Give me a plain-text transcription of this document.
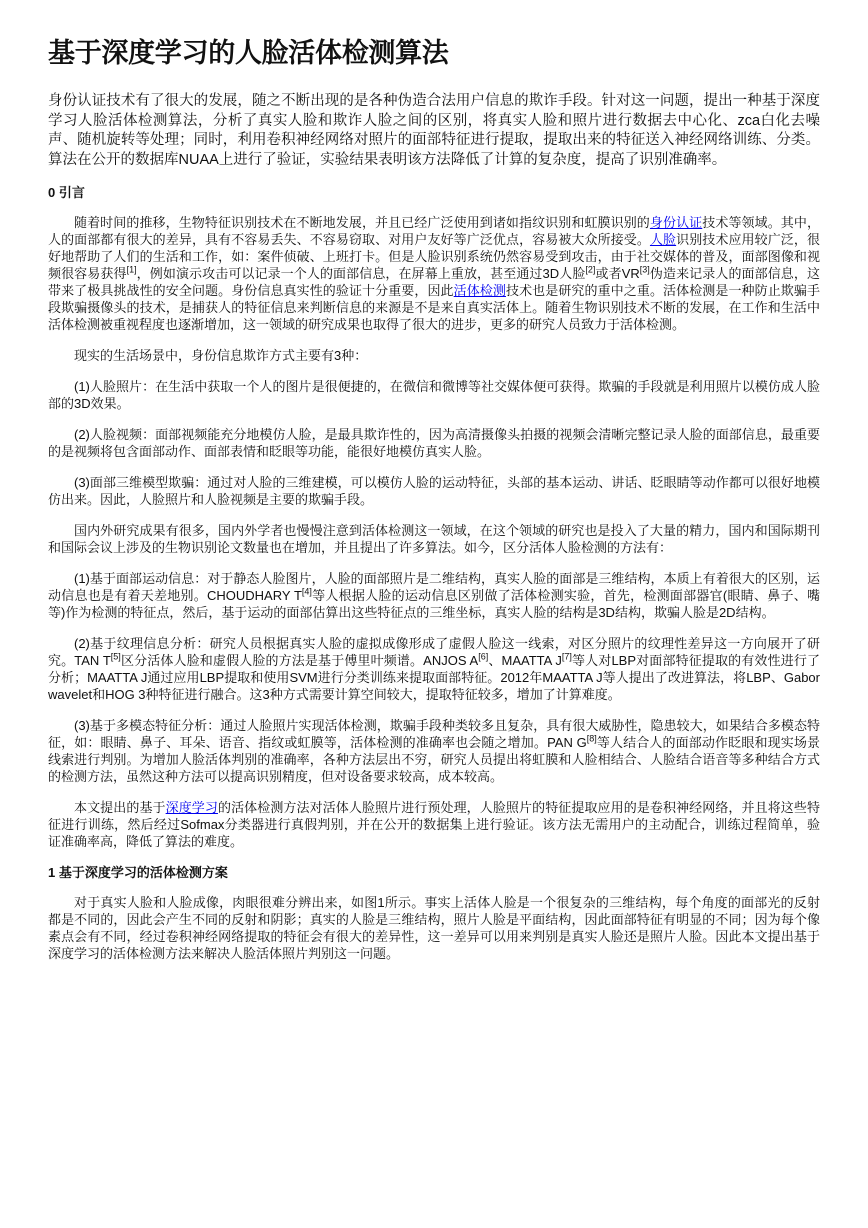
基于深度学习的人脸活体检测算法

身份认证技术有了很大的发展，随之不断出现的是各种伪造合法用户信息的欺诈手段。针对这一问题，提出一种基于深度学习人脸活体检测算法，分析了真实人脸和欺诈人脸之间的区别，将真实人脸和照片进行数据去中心化、zca白化去噪声、随机旋转等处理；同时，利用卷积神经网络对照片的面部特征进行提取，提取出来的特征送入神经网络训练、分类。算法在公开的数据库NUAA上进行了验证，实验结果表明该方法降低了计算的复杂度，提高了识别准确率。

0 引言

随着时间的推移，生物特征识别技术在不断地发展，并且已经广泛使用到诸如指纹识别和虹膜识别的身份认证技术等领域。其中，人的面部都有很大的差异，具有不容易丢失、不容易窃取、对用户友好等广泛优点，容易被大众所接受。人脸识别技术应用较广泛，很好地帮助了人们的生活和工作，如：案件侦破、上班打卡。但是人脸识别系统仍然容易受到攻击，由于社交媒体的普及，面部图像和视频很容易获得[1]，例如演示攻击可以记录一个人的面部信息，在屏幕上重放，甚至通过3D人脸[2]或者VR[3]伪造来记录人的面部信息，这带来了极具挑战性的安全问题。身份信息真实性的验证十分重要，因此活体检测技术也是研究的重中之重。活体检测是一种防止欺骗手段欺骗摄像头的技术，是捕获人的特征信息来判断信息的来源是不是来自真实活体上。随着生物识别技术不断的发展，在工作和生活中活体检测被重视程度也逐渐增加，这一领域的研究成果也取得了很大的进步，更多的研究人员致力于活体检测。

现实的生活场景中，身份信息欺诈方式主要有3种：

(1)人脸照片：在生活中获取一个人的图片是很便捷的，在微信和微博等社交媒体便可获得。欺骗的手段就是利用照片以模仿成人脸部的3D效果。

(2)人脸视频：面部视频能充分地模仿人脸，是最具欺诈性的，因为高清摄像头拍摄的视频会清晰完整记录人脸的面部信息，最重要的是视频将包含面部动作、面部表情和眨眼等功能，能很好地模仿真实人脸。

(3)面部三维模型欺骗：通过对人脸的三维建模，可以模仿人脸的运动特征，头部的基本运动、讲话、眨眼睛等动作都可以很好地模仿出来。因此，人脸照片和人脸视频是主要的欺骗手段。

国内外研究成果有很多，国内外学者也慢慢注意到活体检测这一领域，在这个领域的研究也是投入了大量的精力，国内和国际期刊和国际会议上涉及的生物识别论文数量也在增加，并且提出了许多算法。如今，区分活体人脸检测的方法有：

(1)基于面部运动信息：对于静态人脸图片，人脸的面部照片是二维结构，真实人脸的面部是三维结构，本质上有着很大的区别，运动信息也是有着天差地别。CHOUDHARY T[4]等人根据人脸的运动信息区别做了活体检测实验，首先，检测面部器官(眼睛、鼻子、嘴等)作为检测的特征点，然后，基于运动的面部估算出这些特征点的三维坐标，真实人脸的结构是3D结构，欺骗人脸是2D结构。

(2)基于纹理信息分析：研究人员根据真实人脸的虚拟成像形成了虚假人脸这一线索，对区分照片的纹理性差异这一方向展开了研究。TAN T[5]区分活体人脸和虚假人脸的方法是基于傅里叶频谱。ANJOS A[6]、MAATTA J[7]等人对LBP对面部特征提取的有效性进行了分析；MAATTA J通过应用LBP提取和使用SVM进行分类训练来提取面部特征。2012年MAATTA J等人提出了改进算法，将LBP、Gabor wavelet和HOG 3种特征进行融合。这3种方式需要计算空间较大，提取特征较多，增加了计算难度。

(3)基于多模态特征分析：通过人脸照片实现活体检测，欺骗手段种类较多且复杂，具有很大威胁性，隐患较大，如果结合多模态特征，如：眼睛、鼻子、耳朵、语音、指纹或虹膜等，活体检测的准确率也会随之增加。PAN G[8]等人结合人的面部动作眨眼和现实场景线索进行判别。为增加人脸活体判别的准确率，各种方法层出不穷，研究人员提出将虹膜和人脸相结合、人脸结合语音等多种结合方式的检测方法，虽然这种方法可以提高识别精度，但对设备要求较高，成本较高。

本文提出的基于深度学习的活体检测方法对活体人脸照片进行预处理，人脸照片的特征提取应用的是卷积神经网络，并且将这些特征进行训练，然后经过Sofmax分类器进行真假判别，并在公开的数据集上进行验证。该方法无需用户的主动配合，训练过程简单，验证准确率高，降低了算法的难度。

1 基于深度学习的活体检测方案

对于真实人脸和人脸成像，肉眼很难分辨出来，如图1所示。事实上活体人脸是一个很复杂的三维结构，每个角度的面部光的反射都是不同的，因此会产生不同的反射和阴影；真实的人脸是三维结构，照片人脸是平面结构，因此面部特征有明显的不同；因为每个像素点会有不同，经过卷积神经网络提取的特征会有很大的差异性，这一差异可以用来判别是真实人脸还是照片人脸。因此本文提出基于深度学习的活体检测方法来解决人脸活体照片判别这一问题。
